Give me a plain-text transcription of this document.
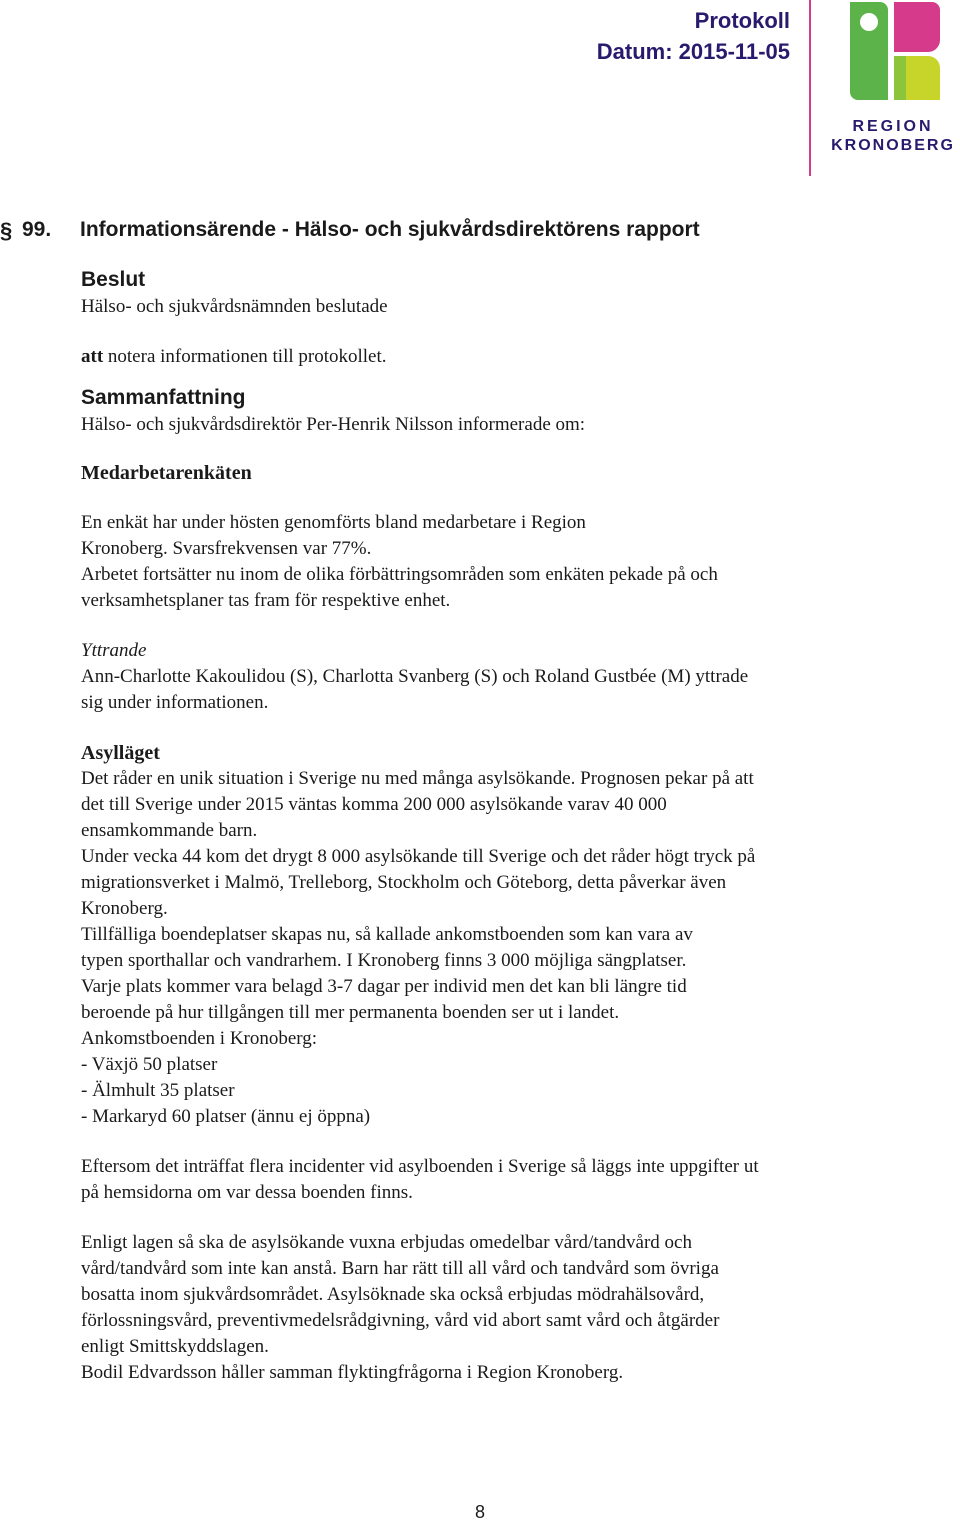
Protokoll
Datum: 2015-11-05
REGION
KRONOBERG
§ 99. Informationsärende - Hälso- och sjukvårdsdirektörens rapport
Beslut

Hälso- och sjukvårdsnämnden beslutade

att notera informationen till protokollet.

Sammanfattning

Hälso- och sjukvårdsdirektör Per-Henrik Nilsson informerade om:

Medarbetarenkäten

En enkät har under hösten genomförts bland medarbetare i Region

Kronoberg. Svarsfrekvensen var 77%.

Arbetet fortsätter nu inom de olika förbättringsområden som enkäten pekade på och

verksamhetsplaner tas fram för respektive enhet.

Yttrande

Ann-Charlotte Kakoulidou (S), Charlotta Svanberg (S) och Roland Gustbée (M) yttrade

sig under informationen.

Asylläget

Det råder en unik situation i Sverige nu med många asylsökande. Prognosen pekar på att

det till Sverige under 2015 väntas komma 200 000 asylsökande varav 40 000

ensamkommande barn.

Under vecka 44 kom det drygt 8 000 asylsökande till Sverige och det råder högt tryck på

migrationsverket i Malmö, Trelleborg, Stockholm och Göteborg, detta påverkar även

Kronoberg.

Tillfälliga boendeplatser skapas nu, så kallade ankomstboenden som kan vara av

typen sporthallar och vandrarhem. I Kronoberg finns 3 000 möjliga sängplatser.

Varje plats kommer vara belagd 3-7 dagar per individ men det kan bli längre tid

beroende på hur tillgången till mer permanenta boenden ser ut i landet.

Ankomstboenden i Kronoberg:

- Växjö 50 platser

- Älmhult 35 platser

- Markaryd 60 platser (ännu ej öppna)

Eftersom det inträffat flera incidenter vid asylboenden i Sverige så läggs inte uppgifter ut

på hemsidorna om var dessa boenden finns.

Enligt lagen så ska de asylsökande vuxna erbjudas omedelbar vård/tandvård och

vård/tandvård som inte kan anstå. Barn har rätt till all vård och tandvård som övriga

bosatta inom sjukvårdsområdet. Asylsöknade ska också erbjudas mödrahälsovård,

förlossningsvård, preventivmedelsrådgivning, vård vid abort samt vård och åtgärder

enligt Smittskyddslagen.

Bodil Edvardsson håller samman flyktingfrågorna i Region Kronoberg.

8
